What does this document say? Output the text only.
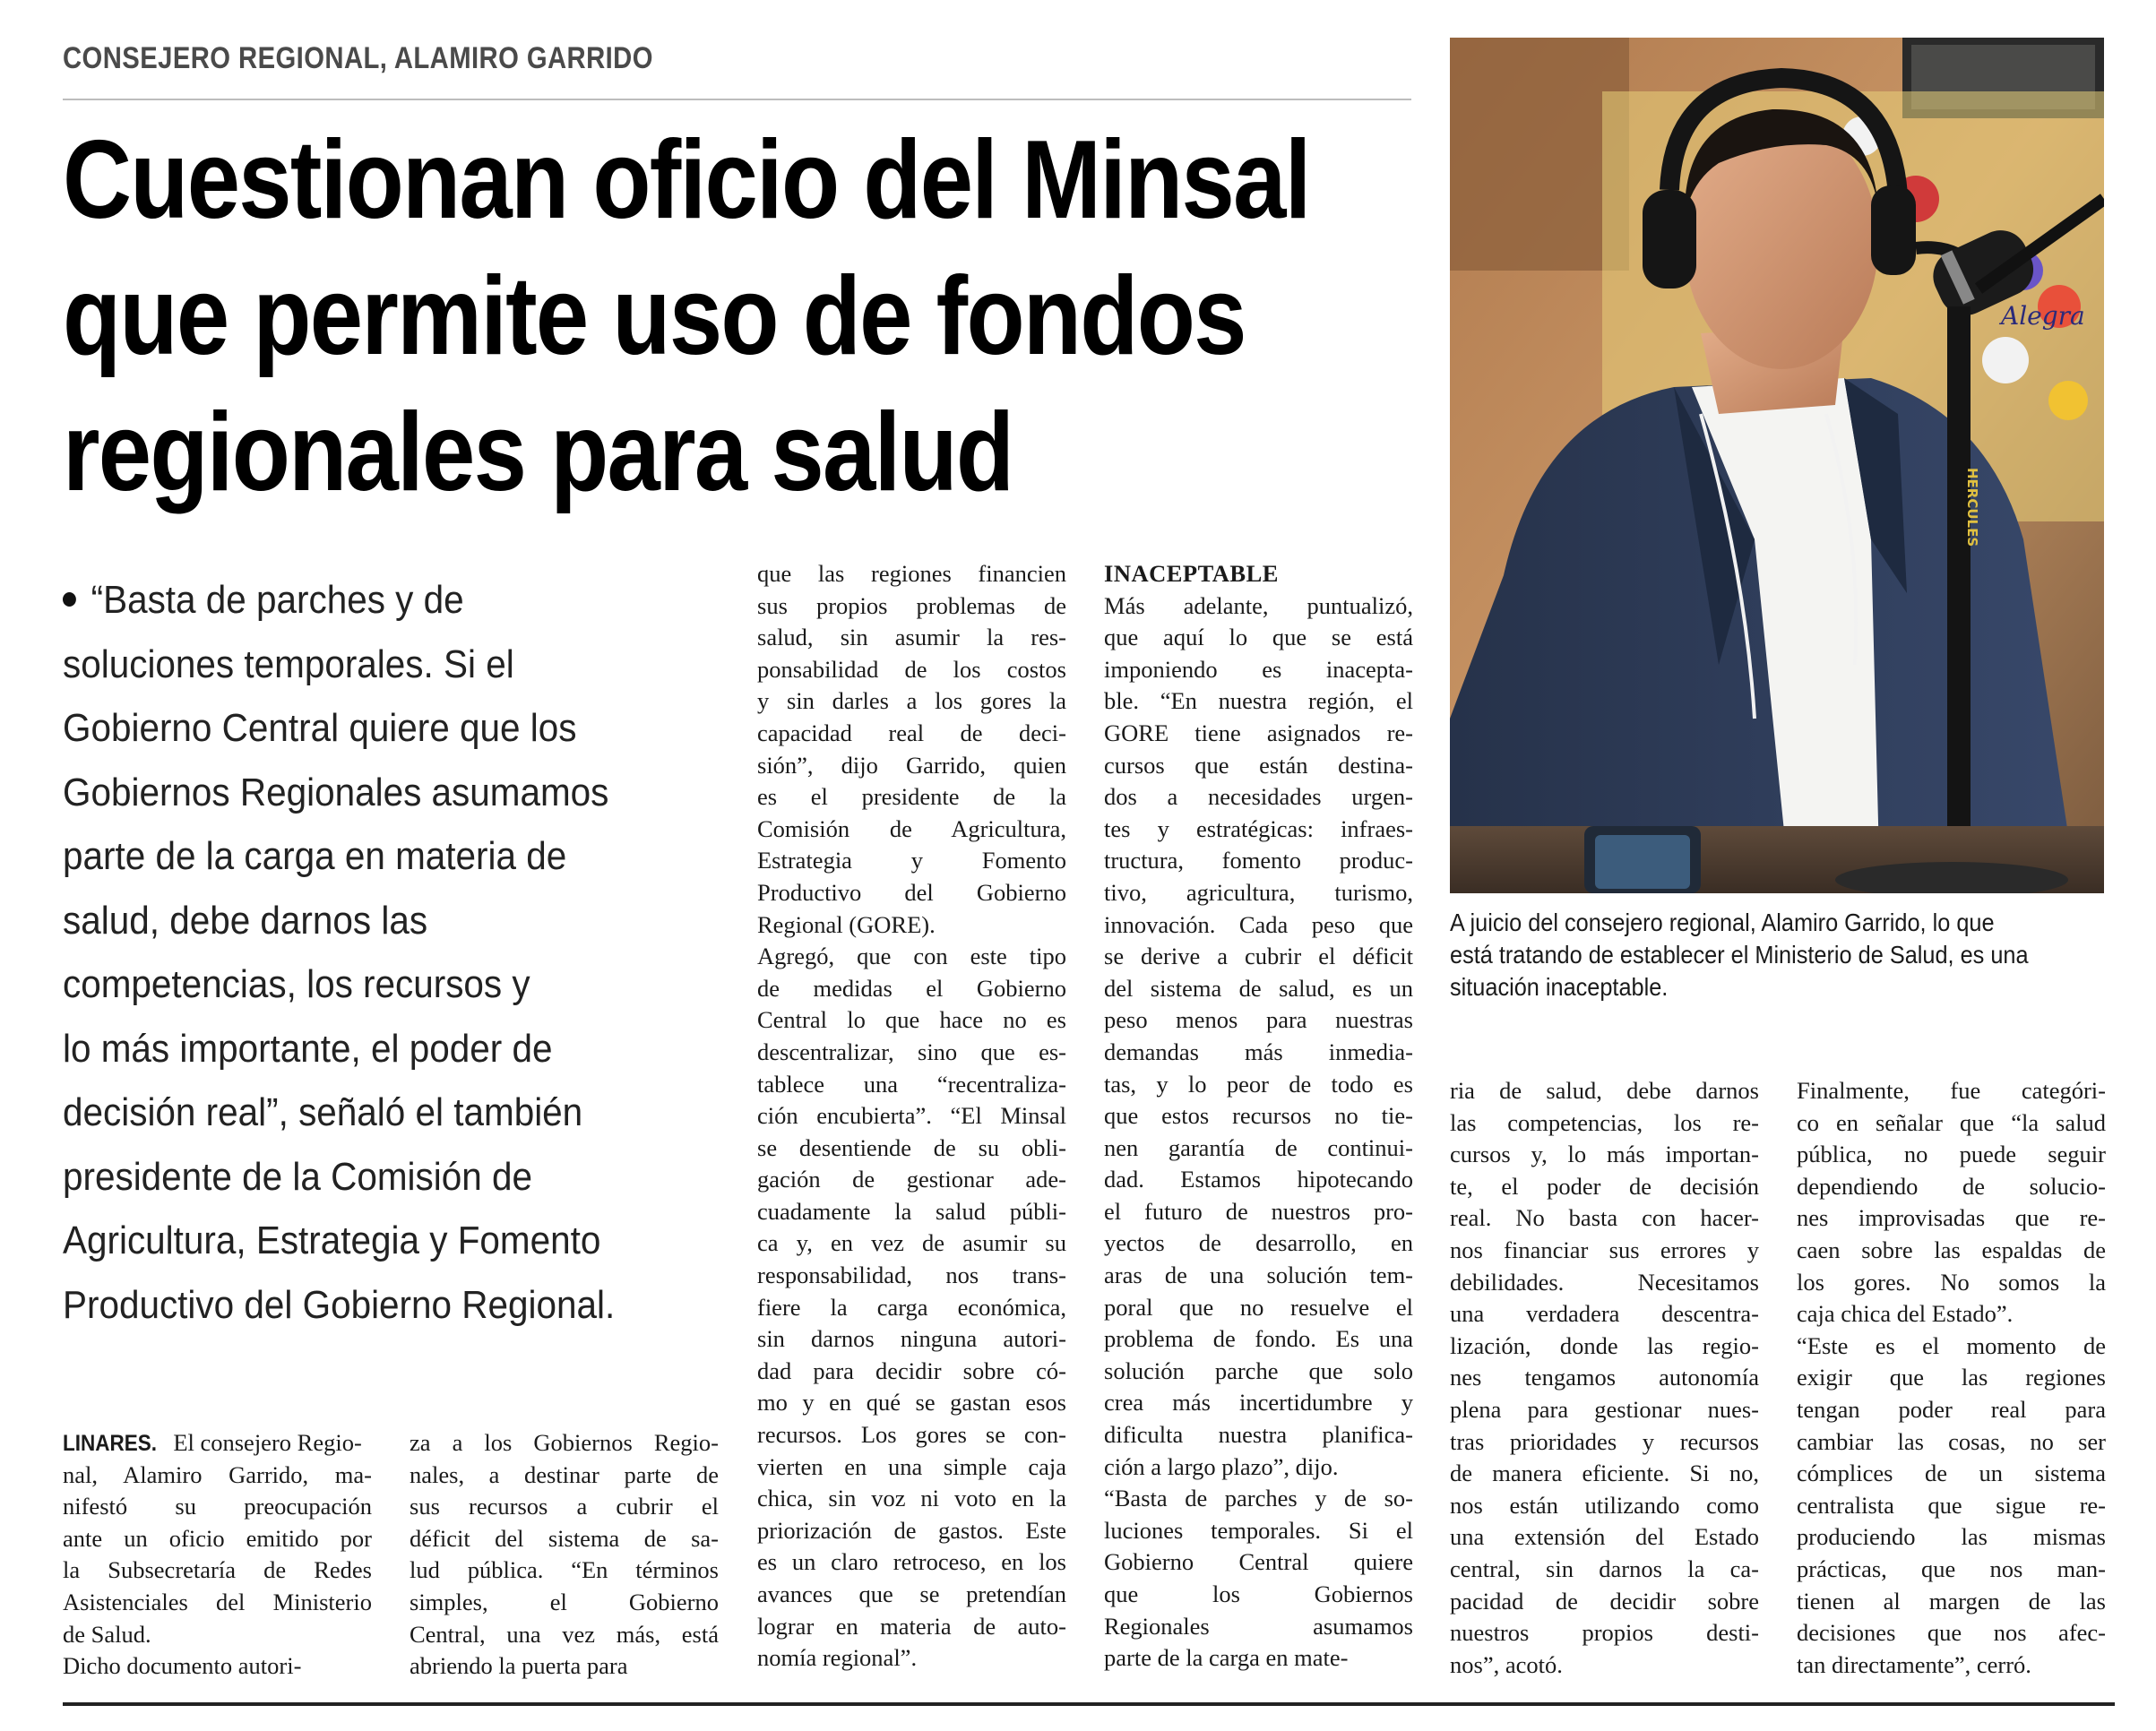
CONSEJERO REGIONAL, ALAMIRO GARRIDO
Cuestionan oficio del Minsal
que permite uso de fondos
regionales para salud
“Basta de parches y de
soluciones temporales. Si el
Gobierno Central quiere que los
Gobiernos Regionales asumamos
parte de la carga en materia de
salud, debe darnos las
competencias, los recursos y
lo más importante, el poder de
decisión real”, señaló el también
presidente de la Comisión de
Agricultura, Estrategia y Fomento
Productivo del Gobierno Regional.
LINARES. El consejero Regio-
nal, Alamiro Garrido, ma-
nifestó su preocupación
ante un oficio emitido por
la Subsecretaría de Redes
Asistenciales del Ministerio
de Salud.
Dicho documento autori-
za a los Gobiernos Regio-
nales, a destinar parte de
sus recursos a cubrir el
déficit del sistema de sa-
lud pública. “En términos
simples, el Gobierno
Central, una vez más, está
abriendo la puerta para
que las regiones financien
sus propios problemas de
salud, sin asumir la res-
ponsabilidad de los costos
y sin darles a los gores la
capacidad real de deci-
sión”, dijo Garrido, quien
es el presidente de la
Comisión de Agricultura,
Estrategia y Fomento
Productivo del Gobierno
Regional (GORE).
Agregó, que con este tipo
de medidas el Gobierno
Central lo que hace no es
descentralizar, sino que es-
tablece una “recentraliza-
ción encubierta”. “El Minsal
se desentiende de su obli-
gación de gestionar ade-
cuadamente la salud públi-
ca y, en vez de asumir su
responsabilidad, nos trans-
fiere la carga económica,
sin darnos ninguna autori-
dad para decidir sobre có-
mo y en qué se gastan esos
recursos. Los gores se con-
vierten en una simple caja
chica, sin voz ni voto en la
priorización de gastos. Este
es un claro retroceso, en los
avances que se pretendían
lograr en materia de auto-
nomía regional”.
INACEPTABLE
Más adelante, puntualizó,
que aquí lo que se está
imponiendo es inacepta-
ble. “En nuestra región, el
GORE tiene asignados re-
cursos que están destina-
dos a necesidades urgen-
tes y estratégicas: infraes-
tructura, fomento produc-
tivo, agricultura, turismo,
innovación. Cada peso que
se derive a cubrir el déficit
del sistema de salud, es un
peso menos para nuestras
demandas más inmedia-
tas, y lo peor de todo es
que estos recursos no tie-
nen garantía de continui-
dad. Estamos hipotecando
el futuro de nuestros pro-
yectos de desarrollo, en
aras de una solución tem-
poral que no resuelve el
problema de fondo. Es una
solución parche que solo
crea más incertidumbre y
dificulta nuestra planifica-
ción a largo plazo”, dijo.
“Basta de parches y de so-
luciones temporales. Si el
Gobierno Central quiere
que los Gobiernos
Regionales asumamos
parte de la carga en mate-
ria de salud, debe darnos
las competencias, los re-
cursos y, lo más importan-
te, el poder de decisión
real. No basta con hacer-
nos financiar sus errores y
debilidades. Necesitamos
una verdadera descentra-
lización, donde las regio-
nes tengamos autonomía
plena para gestionar nues-
tras prioridades y recursos
de manera eficiente. Si no,
nos están utilizando como
una extensión del Estado
central, sin darnos la ca-
pacidad de decidir sobre
nuestros propios desti-
nos”, acotó.
Finalmente, fue categóri-
co en señalar que “la salud
pública, no puede seguir
dependiendo de solucio-
nes improvisadas que re-
caen sobre las espaldas de
los gores. No somos la
caja chica del Estado”.
“Este es el momento de
exigir que las regiones
tengan poder real para
cambiar las cosas, no ser
cómplices de un sistema
centralista que sigue re-
produciendo las mismas
prácticas, que nos man-
tienen al margen de las
decisiones que nos afec-
tan directamente”, cerró.
Alegra
HERCULES
A juicio del consejero regional, Alamiro Garrido, lo que
está tratando de establecer el Ministerio de Salud, es una
situación inaceptable.
